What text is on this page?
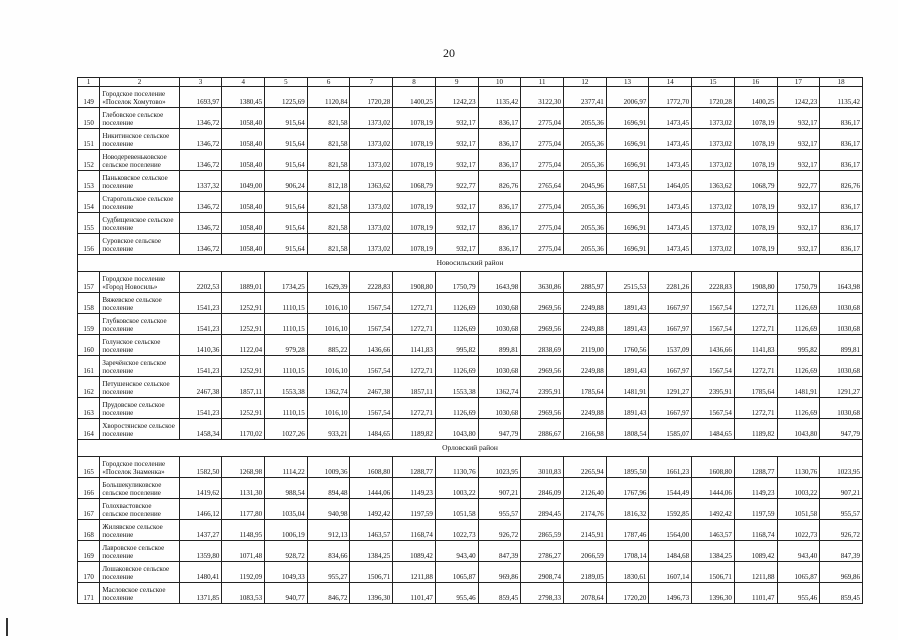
20
1	2	3	4	5	6	7	8	9	10	11	12	13	14	15	16	17	18
149	Городское поселение «Поселок Хомутово»	1693,97	1380,45	1225,69	1120,84	1720,28	1400,25	1242,23	1135,42	3122,30	2377,41	2006,97	1772,70	1720,28	1400,25	1242,23	1135,42
150	Глебовское сельское поселение	1346,72	1058,40	915,64	821,58	1373,02	1078,19	932,17	836,17	2775,04	2055,36	1696,91	1473,45	1373,02	1078,19	932,17	836,17
151	Никитинское сельское поселение	1346,72	1058,40	915,64	821,58	1373,02	1078,19	932,17	836,17	2775,04	2055,36	1696,91	1473,45	1373,02	1078,19	932,17	836,17
152	Новодеревеньковское сельское поселение	1346,72	1058,40	915,64	821,58	1373,02	1078,19	932,17	836,17	2775,04	2055,36	1696,91	1473,45	1373,02	1078,19	932,17	836,17
153	Паньковское сельское поселение	1337,32	1049,00	906,24	812,18	1363,62	1068,79	922,77	826,76	2765,64	2045,96	1687,51	1464,05	1363,62	1068,79	922,77	826,76
154	Старогольское сельское поселение	1346,72	1058,40	915,64	821,58	1373,02	1078,19	932,17	836,17	2775,04	2055,36	1696,91	1473,45	1373,02	1078,19	932,17	836,17
155	Судбищенское сельское поселение	1346,72	1058,40	915,64	821,58	1373,02	1078,19	932,17	836,17	2775,04	2055,36	1696,91	1473,45	1373,02	1078,19	932,17	836,17
156	Суровское сельское поселение	1346,72	1058,40	915,64	821,58	1373,02	1078,19	932,17	836,17	2775,04	2055,36	1696,91	1473,45	1373,02	1078,19	932,17	836,17
Новосильский район																	
157	Городское поселение «Город Новосиль»	2202,53	1889,01	1734,25	1629,39	2228,83	1908,80	1750,79	1643,98	3630,86	2885,97	2515,53	2281,26	2228,83	1908,80	1750,79	1643,98
158	Вяжевское сельское поселение	1541,23	1252,91	1110,15	1016,10	1567,54	1272,71	1126,69	1030,68	2969,56	2249,88	1891,43	1667,97	1567,54	1272,71	1126,69	1030,68
159	Глубковское сельское поселение	1541,23	1252,91	1110,15	1016,10	1567,54	1272,71	1126,69	1030,68	2969,56	2249,88	1891,43	1667,97	1567,54	1272,71	1126,69	1030,68
160	Голунское сельское поселение	1410,36	1122,04	979,28	885,22	1436,66	1141,83	995,82	899,81	2838,69	2119,00	1760,56	1537,09	1436,66	1141,83	995,82	899,81
161	Заречёнское сельское поселение	1541,23	1252,91	1110,15	1016,10	1567,54	1272,71	1126,69	1030,68	2969,56	2249,88	1891,43	1667,97	1567,54	1272,71	1126,69	1030,68
162	Петушенское сельское поселение	2467,38	1857,11	1553,38	1362,74	2467,38	1857,11	1553,38	1362,74	2395,91	1785,64	1481,91	1291,27	2395,91	1785,64	1481,91	1291,27
163	Прудовское сельское поселение	1541,23	1252,91	1110,15	1016,10	1567,54	1272,71	1126,69	1030,68	2969,56	2249,88	1891,43	1667,97	1567,54	1272,71	1126,69	1030,68
164	Хворостянское сельское поселение	1458,34	1170,02	1027,26	933,21	1484,65	1189,82	1043,80	947,79	2886,67	2166,98	1808,54	1585,07	1484,65	1189,82	1043,80	947,79
Орловский район																	
165	Городское поселение «Поселок Знаменка»	1582,50	1268,98	1114,22	1009,36	1608,80	1288,77	1130,76	1023,95	3010,83	2265,94	1895,50	1661,23	1608,80	1288,77	1130,76	1023,95
166	Большекуликовское сельское поселение	1419,62	1131,30	988,54	894,48	1444,06	1149,23	1003,22	907,21	2846,09	2126,40	1767,96	1544,49	1444,06	1149,23	1003,22	907,21
167	Голохвастовское сельское поселение	1466,12	1177,80	1035,04	940,98	1492,42	1197,59	1051,58	955,57	2894,45	2174,76	1816,32	1592,85	1492,42	1197,59	1051,58	955,57
168	Жилявское сельское поселение	1437,27	1148,95	1006,19	912,13	1463,57	1168,74	1022,73	926,72	2865,59	2145,91	1787,46	1564,00	1463,57	1168,74	1022,73	926,72
169	Лавровское сельское поселение	1359,80	1071,48	928,72	834,66	1384,25	1089,42	943,40	847,39	2786,27	2066,59	1708,14	1484,68	1384,25	1089,42	943,40	847,39
170	Лошаковское сельское поселение	1480,41	1192,09	1049,33	955,27	1506,71	1211,88	1065,87	969,86	2908,74	2189,05	1830,61	1607,14	1506,71	1211,88	1065,87	969,86
171	Масловское сельское поселение	1371,85	1083,53	940,77	846,72	1396,30	1101,47	955,46	859,45	2798,33	2078,64	1720,20	1496,73	1396,30	1101,47	955,46	859,45
